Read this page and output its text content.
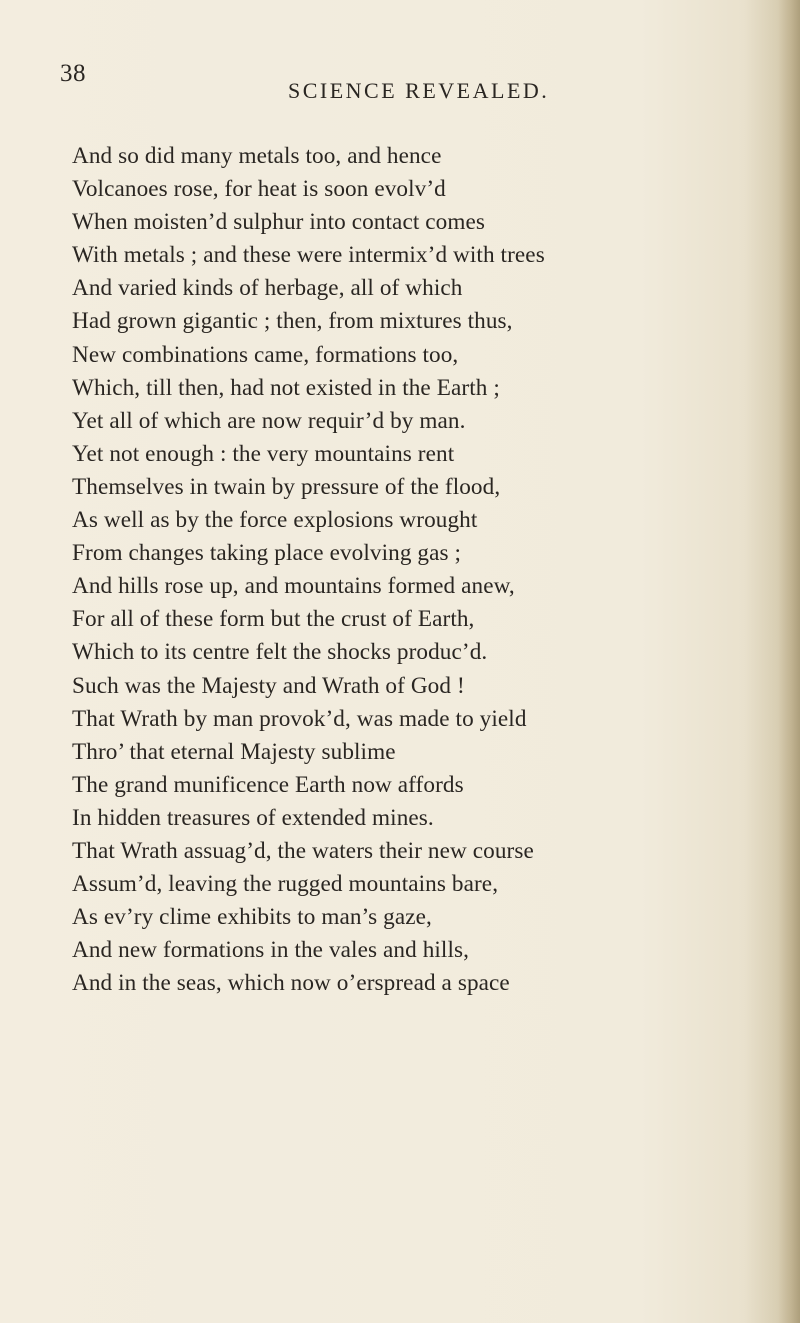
38
SCIENCE REVEALED.
And so did many metals too, and hence
Volcanoes rose, for heat is soon evolv’d
When moisten’d sulphur into contact comes
With metals ; and these were intermix’d with trees
And varied kinds of herbage, all of which
Had grown gigantic ; then, from mixtures thus,
New combinations came, formations too,
Which, till then, had not existed in the Earth ;
Yet all of which are now requir’d by man.
Yet not enough : the very mountains rent
Themselves in twain by pressure of the flood,
As well as by the force explosions wrought
From changes taking place evolving gas ;
And hills rose up, and mountains formed anew,
For all of these form but the crust of Earth,
Which to its centre felt the shocks produc’d.
Such was the Majesty and Wrath of God !
That Wrath by man provok’d, was made to yield
Thro’ that eternal Majesty sublime
The grand munificence Earth now affords
In hidden treasures of extended mines.
That Wrath assuag’d, the waters their new course
Assum’d, leaving the rugged mountains bare,
As ev’ry clime exhibits to man’s gaze,
And new formations in the vales and hills,
And in the seas, which now o’erspread a space
